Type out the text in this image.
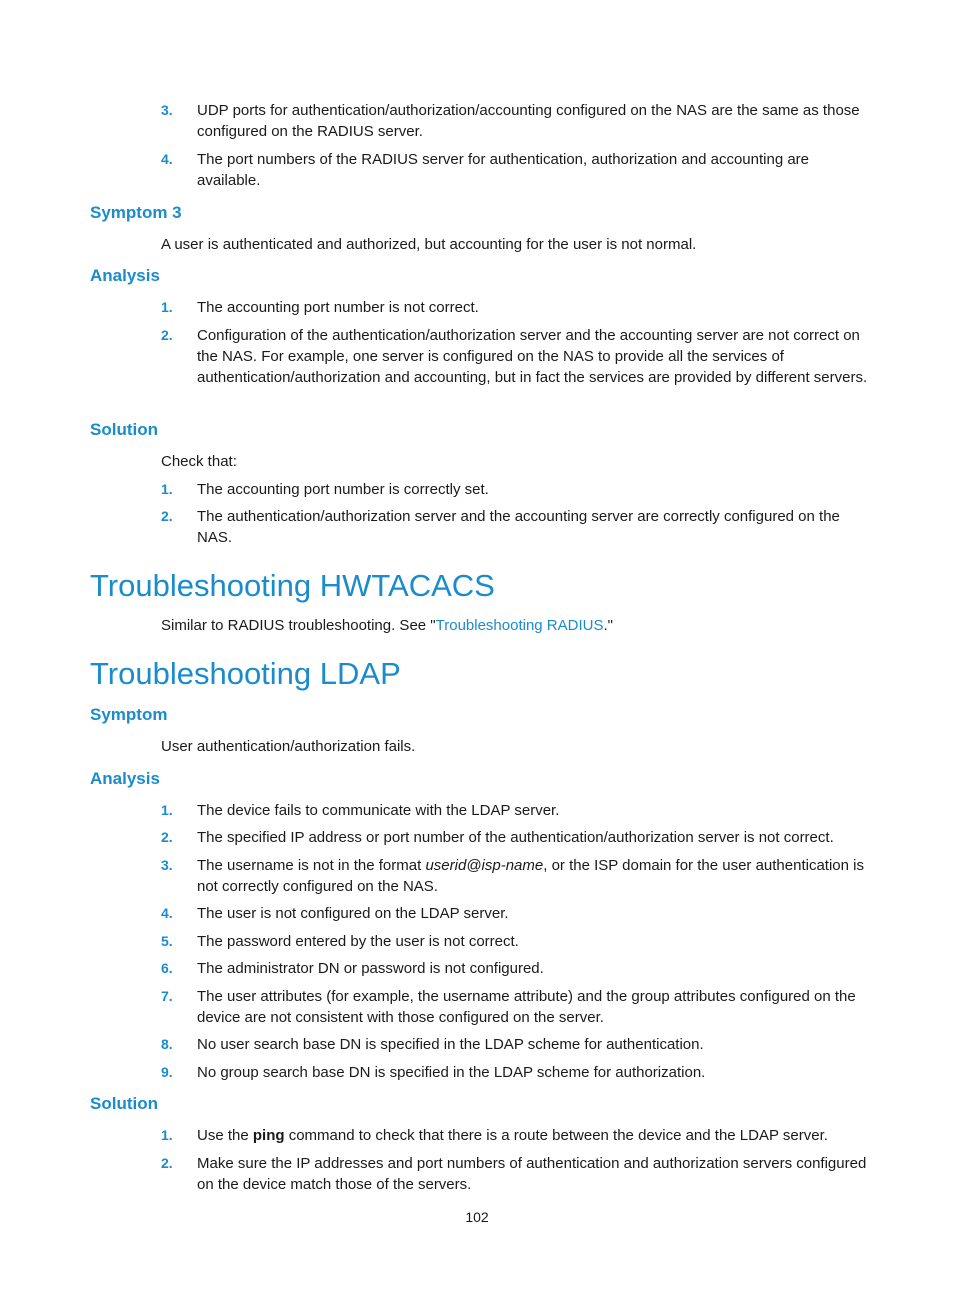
3. UDP ports for authentication/authorization/accounting configured on the NAS are the same as those configured on the RADIUS server.
4. The port numbers of the RADIUS server for authentication, authorization and accounting are available.
Symptom 3
A user is authenticated and authorized, but accounting for the user is not normal.
Analysis
1. The accounting port number is not correct.
2. Configuration of the authentication/authorization server and the accounting server are not correct on the NAS. For example, one server is configured on the NAS to provide all the services of authentication/authorization and accounting, but in fact the services are provided by different servers.
Solution
Check that:
1. The accounting port number is correctly set.
2. The authentication/authorization server and the accounting server are correctly configured on the NAS.
Troubleshooting HWTACACS
Similar to RADIUS troubleshooting. See "Troubleshooting RADIUS."
Troubleshooting LDAP
Symptom
User authentication/authorization fails.
Analysis
1. The device fails to communicate with the LDAP server.
2. The specified IP address or port number of the authentication/authorization server is not correct.
3. The username is not in the format userid@isp-name, or the ISP domain for the user authentication is not correctly configured on the NAS.
4. The user is not configured on the LDAP server.
5. The password entered by the user is not correct.
6. The administrator DN or password is not configured.
7. The user attributes (for example, the username attribute) and the group attributes configured on the device are not consistent with those configured on the server.
8. No user search base DN is specified in the LDAP scheme for authentication.
9. No group search base DN is specified in the LDAP scheme for authorization.
Solution
1. Use the ping command to check that there is a route between the device and the LDAP server.
2. Make sure the IP addresses and port numbers of authentication and authorization servers configured on the device match those of the servers.
102
